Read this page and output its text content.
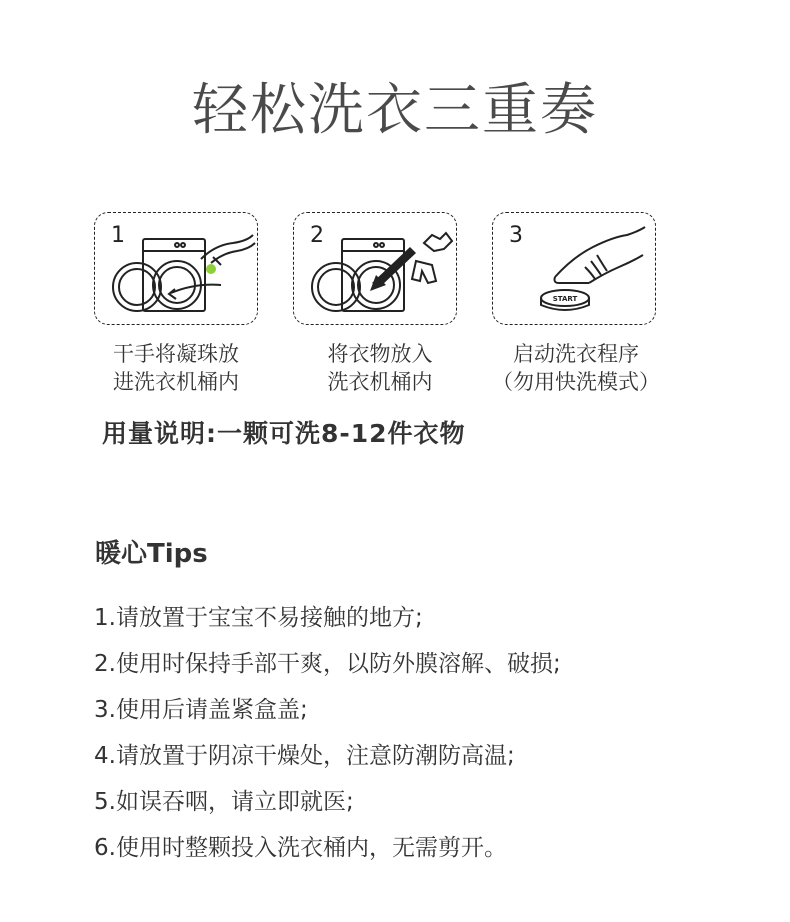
轻松洗衣三重奏
1	2	3
START
干手将凝珠放
进洗衣机桶内
将衣物放入
洗衣机桶内
启动洗衣程序
（勿用快洗模式）
用量说明:一颗可洗8-12件衣物
暖心Tips
1.请放置于宝宝不易接触的地方;
2.使用时保持手部干爽，以防外膜溶解、破损;
3.使用后请盖紧盒盖;
4.请放置于阴凉干燥处，注意防潮防高温;
5.如误吞咽，请立即就医;
6.使用时整颗投入洗衣桶内，无需剪开。
